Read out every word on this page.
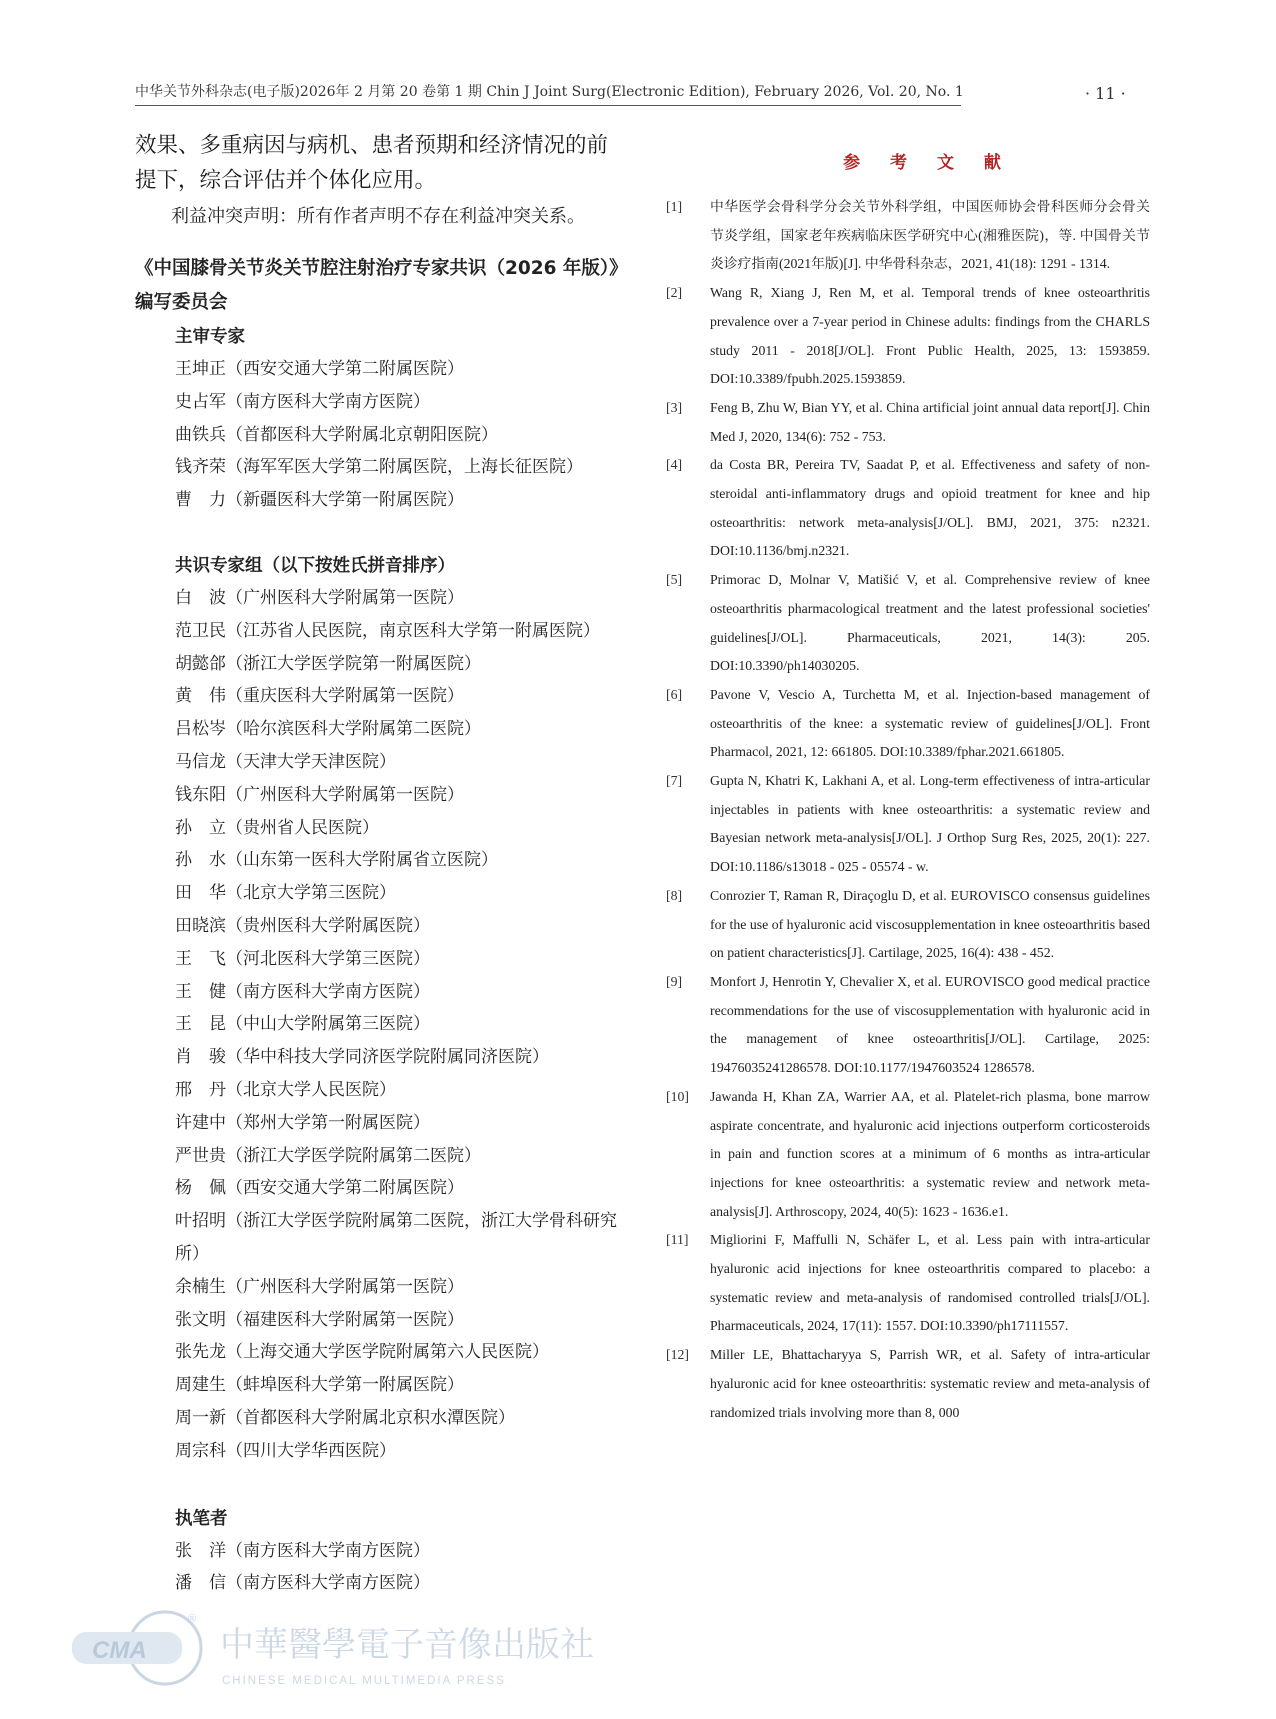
中华关节外科杂志(电子版)2026年 2 月第 20 卷第 1 期 Chin J Joint Surg(Electronic Edition), February 2026, Vol. 20, No. 1	· 11 ·
效果、多重病因与病机、患者预期和经济情况的前提下，综合评估并个体化应用。
利益冲突声明：所有作者声明不存在利益冲突关系。
《中国膝骨关节炎关节腔注射治疗专家共识（2026 年版）》编写委员会
主审专家
王坤正（西安交通大学第二附属医院）
史占军（南方医科大学南方医院）
曲铁兵（首都医科大学附属北京朝阳医院）
钱齐荣（海军军医大学第二附属医院，上海长征医院）
曹　力（新疆医科大学第一附属医院）
共识专家组（以下按姓氏拼音排序）
白　波（广州医科大学附属第一医院）
范卫民（江苏省人民医院，南京医科大学第一附属医院）
胡懿郃（浙江大学医学院第一附属医院）
黄　伟（重庆医科大学附属第一医院）
吕松岑（哈尔滨医科大学附属第二医院）
马信龙（天津大学天津医院）
钱东阳（广州医科大学附属第一医院）
孙　立（贵州省人民医院）
孙　水（山东第一医科大学附属省立医院）
田　华（北京大学第三医院）
田晓滨（贵州医科大学附属医院）
王　飞（河北医科大学第三医院）
王　健（南方医科大学南方医院）
王　昆（中山大学附属第三医院）
肖　骏（华中科技大学同济医学院附属同济医院）
邢　丹（北京大学人民医院）
许建中（郑州大学第一附属医院）
严世贵（浙江大学医学院附属第二医院）
杨　佩（西安交通大学第二附属医院）
叶招明（浙江大学医学院附属第二医院，浙江大学骨科研究所）
余楠生（广州医科大学附属第一医院）
张文明（福建医科大学附属第一医院）
张先龙（上海交通大学医学院附属第六人民医院）
周建生（蚌埠医科大学第一附属医院）
周一新（首都医科大学附属北京积水潭医院）
周宗科（四川大学华西医院）
执笔者
张　洋（南方医科大学南方医院）
潘　信（南方医科大学南方医院）
参 考 文 献
[1] 中华医学会骨科学分会关节外科学组，中国医师协会骨科医师分会骨关节炎学组，国家老年疾病临床医学研究中心(湘雅医院)，等. 中国骨关节炎诊疗指南(2021年版)[J]. 中华骨科杂志，2021, 41(18): 1291 - 1314.
[2] Wang R, Xiang J, Ren M, et al. Temporal trends of knee osteoarthritis prevalence over a 7-year period in Chinese adults: findings from the CHARLS study 2011 - 2018[J/OL]. Front Public Health, 2025, 13: 1593859. DOI:10.3389/fpubh.2025.1593859.
[3] Feng B, Zhu W, Bian YY, et al. China artificial joint annual data report[J]. Chin Med J, 2020, 134(6): 752 - 753.
[4] da Costa BR, Pereira TV, Saadat P, et al. Effectiveness and safety of non-steroidal anti-inflammatory drugs and opioid treatment for knee and hip osteoarthritis: network meta-analysis[J/OL]. BMJ, 2021, 375: n2321. DOI:10.1136/bmj.n2321.
[5] Primorac D, Molnar V, Matišić V, et al. Comprehensive review of knee osteoarthritis pharmacological treatment and the latest professional societies' guidelines[J/OL]. Pharmaceuticals, 2021, 14(3): 205. DOI:10.3390/ph14030205.
[6] Pavone V, Vescio A, Turchetta M, et al. Injection-based management of osteoarthritis of the knee: a systematic review of guidelines[J/OL]. Front Pharmacol, 2021, 12: 661805. DOI:10.3389/fphar.2021.661805.
[7] Gupta N, Khatri K, Lakhani A, et al. Long-term effectiveness of intra-articular injectables in patients with knee osteoarthritis: a systematic review and Bayesian network meta-analysis[J/OL]. J Orthop Surg Res, 2025, 20(1): 227. DOI:10.1186/s13018 - 025 - 05574 - w.
[8] Conrozier T, Raman R, Diraçoglu D, et al. EUROVISCO consensus guidelines for the use of hyaluronic acid viscosupplementation in knee osteoarthritis based on patient characteristics[J]. Cartilage, 2025, 16(4): 438 - 452.
[9] Monfort J, Henrotin Y, Chevalier X, et al. EUROVISCO good medical practice recommendations for the use of viscosupplementation with hyaluronic acid in the management of knee osteoarthritis[J/OL]. Cartilage, 2025: 19476035241286578. DOI:10.1177/1947603524 1286578.
[10] Jawanda H, Khan ZA, Warrier AA, et al. Platelet-rich plasma, bone marrow aspirate concentrate, and hyaluronic acid injections outperform corticosteroids in pain and function scores at a minimum of 6 months as intra-articular injections for knee osteoarthritis: a systematic review and network meta-analysis[J]. Arthroscopy, 2024, 40(5): 1623 - 1636.e1.
[11] Migliorini F, Maffulli N, Schäfer L, et al. Less pain with intra-articular hyaluronic acid injections for knee osteoarthritis compared to placebo: a systematic review and meta-analysis of randomised controlled trials[J/OL]. Pharmaceuticals, 2024, 17(11): 1557. DOI:10.3390/ph17111557.
[12] Miller LE, Bhattacharyya S, Parrish WR, et al. Safety of intra-articular hyaluronic acid for knee osteoarthritis: systematic review and meta-analysis of randomized trials involving more than 8, 000
CMA
®
中華醫學電子音像出版社
CHINESE MEDICAL MULTIMEDIA PRESS
